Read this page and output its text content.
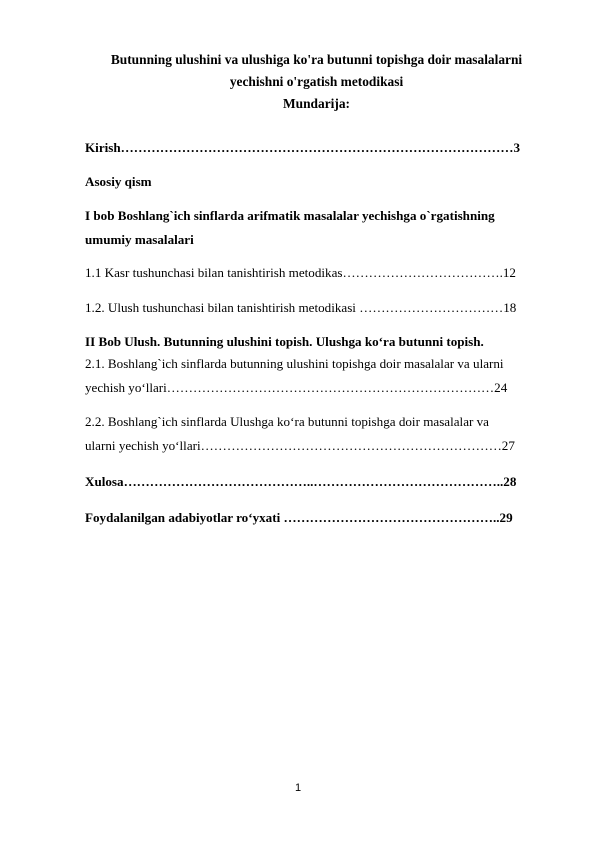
Butunning ulushini va ulushiga ko'ra butunni topishga doir masalalarni

yechishni o'rgatish metodikasi

Mundarija:

Kirish………………………………………………………………………………3

Asosiy qism

I bob Boshlang`ich sinflarda arifmatik masalalar yechishga o`rgatishning

umumiy masalalari

1.1 Kasr tushunchasi bilan tanishtirish metodikas……………………………….12

1.2. Ulush tushunchasi bilan tanishtirish metodikasi ……………………………18

II Bob Ulush. Butunning ulushini topish. Ulushga ko‘ra butunni topish.

2.1. Boshlang`ich sinflarda butunning ulushini topishga doir masalalar va ularni

yechish yo‘llari…………………………………………………………………24

2.2. Boshlang`ich sinflarda Ulushga ko‘ra butunni topishga doir masalalar va

ularni yechish yo‘llari……………………………………………………………27

Xulosa……………………………………..……………………………………..28

Foydalanilgan adabiyotlar ro‘yxati …………………………………………..29

1
